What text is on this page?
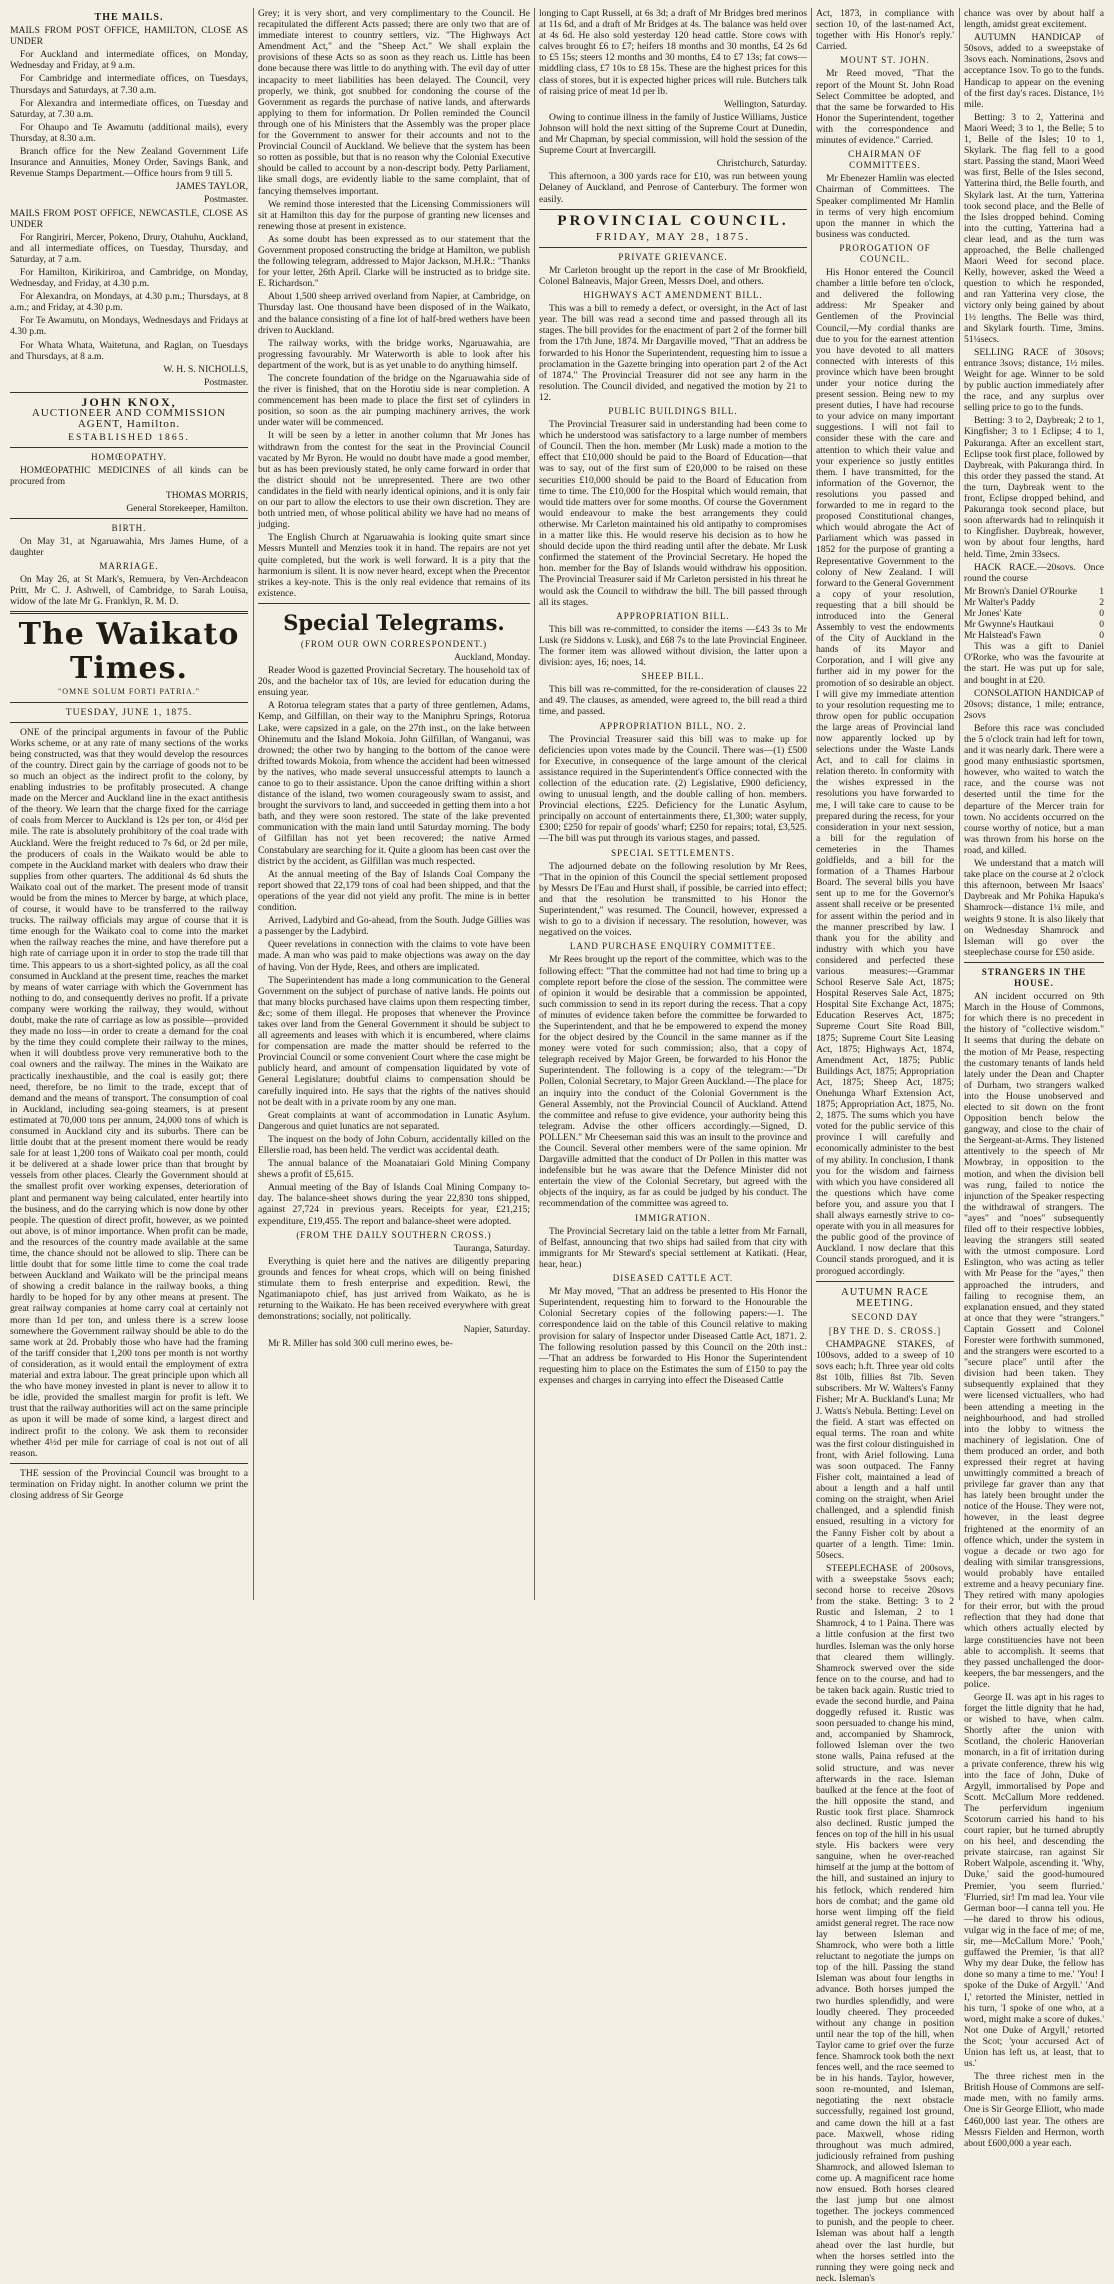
THE MAILS.

MAILS FROM POST OFFICE, HAMILTON, CLOSE AS UNDER

For Auckland and intermediate offices, on Monday, Wednesday and Friday, at 9 a.m.

For Cambridge and intermediate offices, on Tuesdays, Thursdays and Saturdays, at 7.30 a.m.

For Alexandra and intermediate offices, on Tuesday and Saturday, at 7.30 a.m.

For Ohaupo and Te Awamutu (additional mails), every Thursday, at 8.30 a.m.

Branch office for the New Zealand Government Life Insurance and Annuities, Money Order, Savings Bank, and Revenue Stamps Department.—Office hours from 9 till 5.

JAMES TAYLOR,

Postmaster.

MAILS FROM POST OFFICE, NEWCASTLE, CLOSE AS UNDER

For Rangiriri, Mercer, Pokeno, Drury, Otahuhu, Auckland, and all intermediate offices, on Tuesday, Thursday, and Saturday, at 7 a.m.

For Hamilton, Kirikiriroa, and Cambridge, on Monday, Wednesday, and Friday, at 4.30 p.m.

For Alexandra, on Mondays, at 4.30 p.m.; Thursdays, at 8 a.m.; and Friday, at 4.30 p.m.

For Te Awamutu, on Mondays, Wednesdays and Fridays at 4.30 p.m.

For Whata Whata, Waitetuna, and Raglan, on Tuesdays and Thursdays, at 8 a.m.

W. H. S. NICHOLLS,

Postmaster.

JOHN KNOX,

AUCTIONEER AND COMMISSION AGENT, Hamilton.

ESTABLISHED 1865.

HOMŒOPATHY.

HOMŒOPATHIC MEDICINES of all kinds can be procured from

THOMAS MORRIS,

General Storekeeper, Hamilton.

BIRTH.

On May 31, at Ngaruawahia, Mrs James Hume, of a daughter

MARRIAGE.

On May 26, at St Mark's, Remuera, by Ven-Archdeacon Pritt, Mr C. J. Ashwell, of Cambridge, to Sarah Louisa, widow of the late Mr G. Franklyn, R. M. D.

The Waikato Times.
"OMNE SOLUM FORTI PATRIA."
TUESDAY, JUNE 1, 1875.

ONE of the principal arguments in favour of the Public Works scheme, or at any rate of many sections of the works being constructed, was that they would develop the resources of the country. Direct gain by the carriage of goods not to be so much an object as the indirect profit to the colony, by enabling industries to be profitably prosecuted. A change made on the Mercer and Auckland line in the exact antithesis of the theory. We learn that the charge fixed for the carriage of coals from Mercer to Auckland is 12s per ton, or 4½d per mile. The rate is absolutely prohibitory of the coal trade with Auckland. Were the freight reduced to 7s 6d, or 2d per mile, the producers of coals in the Waikato would be able to compete in the Auckland market with dealers who draw their supplies from other quarters. The additional 4s 6d shuts the Waikato coal out of the market. The present mode of transit would be from the mines to Mercer by barge, at which place, of course, it would have to be transferred to the railway trucks. The railway officials may argue of course that it is time enough for the Waikato coal to come into the market when the railway reaches the mine, and have therefore put a high rate of carriage upon it in order to stop the trade till that time. This appears to us a short-sighted policy, as all the coal consumed in Auckland at the present time, reaches the market by means of water carriage with which the Government has nothing to do, and consequently derives no profit. If a private company were working the railway, they would, without doubt, make the rate of carriage as low as possible—provided they made no loss—in order to create a demand for the coal by the time they could complete their railway to the mines, when it will doubtless prove very remunerative both to the coal owners and the railway. The mines in the Waikato are practically inexhaustible, and the coal is easily got; there need, therefore, be no limit to the trade, except that of demand and the means of transport. The consumption of coal in Auckland, including sea-going steamers, is at present estimated at 70,000 tons per annum, 24,000 tons of which is consumed in Auckland city and its suburbs. There can be little doubt that at the present moment there would be ready sale for at least 1,200 tons of Waikato coal per month, could it be delivered at a shade lower price than that brought by vessels from other places. Clearly the Government should at the smallest profit over working expenses, deterioration of plant and permanent way being calculated, enter heartily into the business, and do the carrying which is now done by other people. The question of direct profit, however, as we pointed out above, is of minor importance. When profit can be made, and the resources of the country made available at the same time, the chance should not be allowed to slip. There can be little doubt that for some little time to come the coal trade between Auckland and Waikato will be the principal means of showing a credit balance in the railway books, a thing hardly to be hoped for by any other means at present. The great railway companies at home carry coal at certainly not more than 1d per ton, and unless there is a screw loose somewhere the Government railway should be able to do the same work at 2d. Probably those who have had the framing of the tariff consider that 1,200 tons per month is not worthy of consideration, as it would entail the employment of extra material and extra labour. The great principle upon which all the who have money invested in plant is never to allow it to be idle, provided the smallest margin for profit is left. We trust that the railway authorities will act on the same principle as upon it will be made of some kind, a largest direct and indirect profit to the colony. We ask them to reconsider whether 4½d per mile for carriage of coal is not out of all reason.

THE session of the Provincial Council was brought to a termination on Friday night. In another column we print the closing address of Sir George

Grey; it is very short, and very complimentary to the Council. He recapitulated the different Acts passed; there are only two that are of immediate interest to country settlers, viz. "The Highways Act Amendment Act," and the "Sheep Act." We shall explain the provisions of these Acts so as soon as they reach us. Little has been done because there was little to do anything with. The evil day of utter incapacity to meet liabilities has been delayed. The Council, very properly, we think, got snubbed for condoning the course of the Government as regards the purchase of native lands, and afterwards applying to them for information. Dr Pollen reminded the Council through one of his Ministers that the Assembly was the proper place for the Government to answer for their accounts and not to the Provincial Council of Auckland. We believe that the system has been so rotten as possible, but that is no reason why the Colonial Executive should be called to account by a non-descript body. Petty Parliament, like small dogs, are evidently liable to the same complaint, that of fancying themselves important.

We remind those interested that the Licensing Commissioners will sit at Hamilton this day for the purpose of granting new licenses and renewing those at present in existence.

As some doubt has been expressed as to our statement that the Government proposed constructing the bridge at Hamilton, we publish the following telegram, addressed to Major Jackson, M.H.R.: "Thanks for your letter, 26th April. Clarke will be instructed as to bridge site. E. Richardson."

About 1,500 sheep arrived overland from Napier, at Cambridge, on Thursday last. One thousand have been disposed of in the Waikato, and the balance consisting of a fine lot of half-bred wethers have been driven to Auckland.

The railway works, with the bridge works, Ngaruawahia, are progressing favourably. Mr Waterworth is able to look after his department of the work, but is as yet unable to do anything himself.

The concrete foundation of the bridge on the Ngaruawahia side of the river is finished, that on the Horotiu side is near completion. A commencement has been made to place the first set of cylinders in position, so soon as the air pumping machinery arrives, the work under water will be commenced.

It will be seen by a letter in another column that Mr Jones has withdrawn from the contest for the seat in the Provincial Council vacated by Mr Byron. He would no doubt have made a good member, but as has been previously stated, he only came forward in order that the district should not be unrepresented. There are two other candidates in the field with nearly identical opinions, and it is only fair on our part to allow the electors to use their own discretion. They are both untried men, of whose political ability we have had no means of judging.

The English Church at Ngaruawahia is looking quite smart since Messrs Muntell and Menzies took it in hand. The repairs are not yet quite completed, but the work is well forward. It is a pity that the harmonium is silent. It is now never heard, except when the Precentor strikes a key-note. This is the only real evidence that remains of its existence.

Special Telegrams.
(FROM OUR OWN CORRESPONDENT.)

Auckland, Monday.

Reader Wood is gazetted Provincial Secretary. The household tax of 20s, and the bachelor tax of 10s, are levied for education during the ensuing year.

A Rotorua telegram states that a party of three gentlemen, Adams, Kemp, and Gilfillan, on their way to the Maniphru Springs, Rotorua Lake, were capsized in a gale, on the 27th inst., on the lake between Ohinemutu and the Island Mokoia. John Gilfillan, of Wanganui, was drowned; the other two by hanging to the bottom of the canoe were drifted towards Mokoia, from whence the accident had been witnessed by the natives, who made several unsuccessful attempts to launch a canoe to go to their assistance. Upon the canoe drifting within a short distance of the island, two women courageously swam to assist, and brought the survivors to land, and succeeded in getting them into a hot bath, and they were soon restored. The state of the lake prevented communication with the main land until Saturday morning. The body of Gilfillan has not yet been recovered; the native Armed Constabulary are searching for it. Quite a gloom has been cast over the district by the accident, as Gilfillan was much respected.

At the annual meeting of the Bay of Islands Coal Company the report showed that 22,179 tons of coal had been shipped, and that the operations of the year did not yield any profit. The mine is in better condition.

Arrived, Ladybird and Go-ahead, from the South. Judge Gillies was a passenger by the Ladybird.

Queer revelations in connection with the claims to vote have been made. A man who was paid to make objections was away on the day of having. Von der Hyde, Rees, and others are implicated.

The Superintendent has made a long communication to the General Government on the subject of purchase of native lands. He points out that many blocks purchased have claims upon them respecting timber, &c; some of them illegal. He proposes that whenever the Province takes over land from the General Government it should be subject to all agreements and leases with which it is encumbered, where claims for compensation are made the matter should be referred to the Provincial Council or some convenient Court where the case might be publicly heard, and amount of compensation liquidated by vote of General Legislature; doubtful claims to compensation should be carefully inquired into. He says that the rights of the natives should not be dealt with in a private room by any one man.

Great complaints at want of accommodation in Lunatic Asylum. Dangerous and quiet lunatics are not separated.

The inquest on the body of John Coburn, accidentally killed on the Ellerslie road, has been held. The verdict was accidental death.

The annual balance of the Moanataiari Gold Mining Company shews a profit of £5,615.

Annual meeting of the Bay of Islands Coal Mining Company to-day. The balance-sheet shows during the year 22,830 tons shipped, against 27,724 in previous years. Receipts for year, £21,215; expenditure, £19,455. The report and balance-sheet were adopted.

(FROM THE DAILY SOUTHERN CROSS.)

Tauranga, Saturday.

Everything is quiet here and the natives are diligently preparing grounds and fences for wheat crops, which will on being finished stimulate them to fresh enterprise and expedition. Rewi, the Ngatimaniapoto chief, has just arrived from Waikato, as he is returning to the Waikato. He has been received everywhere with great demonstrations; socially, not politically.

Napier, Saturday.

Mr R. Miller has sold 300 cull merino ewes, be-

longing to Capt Russell, at 6s 3d; a draft of Mr Bridges bred merinos at 11s 6d, and a draft of Mr Bridges at 4s. The balance was held over at 4s 6d. He also sold yesterday 120 head cattle. Store cows with calves brought £6 to £7; heifers 18 months and 30 months, £4 2s 6d to £5 15s; steers 12 months and 30 months, £4 to £7 13s; fat cows—middling class, £7 10s to £8 15s. These are the highest prices for this class of stores, but it is expected higher prices will rule. Butchers talk of raising price of meat 1d per lb.

Wellington, Saturday.

Owing to continue illness in the family of Justice Williams, Justice Johnson will hold the next sitting of the Supreme Court at Dunedin, and Mr Chapman, by special commission, will hold the session of the Supreme Court at Invercargill.

Christchurch, Saturday.

This afternoon, a 300 yards race for £10, was run between young Delaney of Auckland, and Penrose of Canterbury. The former won easily.

PROVINCIAL COUNCIL.
FRIDAY, MAY 28, 1875.
PRIVATE GRIEVANCE.

Mr Carleton brought up the report in the case of Mr Brookfield, Colonel Balneavis, Major Green, Messrs Doel, and others.

HIGHWAYS ACT AMENDMENT BILL.

This was a bill to remedy a defect, or oversight, in the Act of last year. The bill was read a second time and passed through all its stages. The bill provides for the enactment of part 2 of the former bill from the 17th June, 1874. Mr Dargaville moved, "That an address be forwarded to his Honor the Superintendent, requesting him to issue a proclamation in the Gazette bringing into operation part 2 of the Act of 1874." The Provincial Treasurer did not see any harm in the resolution. The Council divided, and negatived the motion by 21 to 12.

PUBLIC BUILDINGS BILL.

The Provincial Treasurer said in understanding had been come to which he understood was satisfactory to a large number of members of Council. Then the hon. member (Mr Lusk) made a motion to the effect that £10,000 should be paid to the Board of Education—that was to say, out of the first sum of £20,000 to be raised on these securities £10,000 should be paid to the Board of Education from time to time. The £10,000 for the Hospital which would remain, that would tide matters over for some months. Of course the Government would endeavour to make the best arrangements they could otherwise. Mr Carleton maintained his old antipathy to compromises in a matter like this. He would reserve his decision as to how he should decide upon the third reading until after the debate. Mr Lusk confirmed the statement of the Provincial Secretary. He hoped the hon. member for the Bay of Islands would withdraw his opposition. The Provincial Treasurer said if Mr Carleton persisted in his threat he would ask the Council to withdraw the bill. The bill passed through all its stages.

APPROPRIATION BILL.

This bill was re-committed, to consider the items —£43 3s to Mr Lusk (re Siddons v. Lusk), and £68 7s to the late Provincial Engineer. The former item was allowed without division, the latter upon a division: ayes, 16; noes, 14.

SHEEP BILL.

This bill was re-committed, for the re-consideration of clauses 22 and 49. The clauses, as amended, were agreed to, the bill read a third time, and passed.

APPROPRIATION BILL, NO. 2.

The Provincial Treasurer said this bill was to make up for deficiencies upon votes made by the Council. There was—(1) £500 for Executive, in consequence of the large amount of the clerical assistance required in the Superintendent's Office connected with the collection of the education rate. (2) Legislative, £900 deficiency, owing to unusual length, and the double calling of hon. members. Provincial elections, £225. Deficiency for the Lunatic Asylum, principally on account of entertainments there, £1,300; water supply, £300; £250 for repair of goods' wharf; £250 for repairs; total, £3,525.—The bill was put through its various stages, and passed.

SPECIAL SETTLEMENTS.

The adjourned debate on the following resolution by Mr Rees, "That in the opinion of this Council the special settlement proposed by Messrs De l'Eau and Hurst shall, if possible, be carried into effect; and that the resolution be transmitted to his Honor the Superintendent," was resumed. The Council, however, expressed a wish to go to a division if necessary. The resolution, however, was negatived on the voices.

LAND PURCHASE ENQUIRY COMMITTEE.

Mr Rees brought up the report of the committee, which was to the following effect: "That the committee had not had time to bring up a complete report before the close of the session. The committee were of opinion it would be desirable that a commission be appointed, such commission to send in its report during the recess. That a copy of minutes of evidence taken before the committee be forwarded to the Superintendent, and that he be empowered to expend the money for the object desired by the Council in the same manner as if the money were voted for such commission; also, that a copy of telegraph received by Major Green, be forwarded to his Honor the Superintendent. The following is a copy of the telegram:—"Dr Pollen, Colonial Secretary, to Major Green Auckland.—The place for an inquiry into the conduct of the Colonial Government is the General Assembly, not the Provincial Council of Auckland. Attend the committee and refuse to give evidence, your authority being this telegram. Advise the other officers accordingly.—Signed, D. POLLEN." Mr Cheeseman said this was an insult to the province and the Council. Several other members were of the same opinion. Mr Dargaville admitted that the conduct of Dr Pollen in this matter was indefensible but he was aware that the Defence Minister did not entertain the view of the Colonial Secretary, but agreed with the objects of the inquiry, as far as could be judged by his conduct. The recommendation of the committee was agreed to.

IMMIGRATION.

The Provincial Secretary laid on the table a letter from Mr Farnall, of Belfast, announcing that two ships had sailed from that city with immigrants for Mr Steward's special settlement at Katikati. (Hear, hear, hear.)

DISEASED CATTLE ACT.

Mr May moved, "That an address be presented to His Honor the Superintendent, requesting him to forward to the Honourable the Colonial Secretary copies of the following papers:—1. The correspondence laid on the table of this Council relative to making provision for salary of Inspector under Diseased Cattle Act, 1871. 2. The following resolution passed by this Council on the 20th inst.:—'That an address be forwarded to His Honor the Superintendent requesting him to place on the Estimates the sum of £150 to pay the expenses and charges in carrying into effect the Diseased Cattle

Act, 1873, in compliance with section 10, of the last-named Act, together with His Honor's reply.' Carried.

MOUNT ST. JOHN.

Mr Reed moved, "That the report of the Mount St. John Road Select Committee be adopted, and that the same be forwarded to His Honor the Superintendent, together with the correspondence and minutes of evidence." Carried.

CHAIRMAN OF COMMITTEES.

Mr Ebenezer Hamlin was elected Chairman of Committees. The Speaker complimented Mr Hamlin in terms of very high encomium upon the manner in which the business was conducted.

PROROGATION OF COUNCIL.

His Honor entered the Council chamber a little before ten o'clock, and delivered the following address: Mr Speaker and Gentlemen of the Provincial Council,—My cordial thanks are due to you for the earnest attention you have devoted to all matters connected with interests of this province which have been brought under your notice during the present session. Being new to my present duties, I have had recourse to your advice on many important suggestions. I will not fail to consider these with the care and attention to which their value and your experience so justly entitles them. I have transmitted, for the information of the Governor, the resolutions you passed and forwarded to me in regard to the proposed Constitutional changes, which would abrogate the Act of Parliament which was passed in 1852 for the purpose of granting a Representative Government to the colony of New Zealand. I will forward to the General Government a copy of your resolution, requesting that a bill should be introduced into the General Assembly to vest the endowments of the City of Auckland in the hands of its Mayor and Corporation, and I will give any further aid in my power for the promotion of so desirable an object. I will give my immediate attention to your resolution requesting me to throw open for public occupation the large areas of Provincial land now apparently locked up by selections under the Waste Lands Act, and to call for claims in relation thereto. In conformity with the wishes expressed in the resolutions you have forwarded to me, I will take care to cause to be prepared during the recess, for your consideration in your next session, a bill for the regulation of cemeteries in the Thames goldfields, and a bill for the formation of a Thames Harbour Board. The several bills you have sent up to me for the Governor's assent shall receive or be presented for assent within the period and in the manner prescribed by law. I thank you for the ability and industry with which you have considered and perfected these various measures:—Grammar School Reserve Sale Act, 1875; Hospital Reserves Sale Act, 1875; Hospital Site Exchange Act, 1875; Education Reserves Act, 1875; Supreme Court Site Road Bill, 1875; Supreme Court Site Leasing Act, 1875; Highways Act, 1874, Amendment Act, 1875; Public Buildings Act, 1875; Appropriation Act, 1875; Sheep Act, 1875; Onehunga Wharf Extension Act, 1875; Appropriation Act, 1875, No. 2, 1875. The sums which you have voted for the public service of this province I will carefully and economically administer to the best of my ability. In conclusion, I thank you for the wisdom and fairness with which you have considered all the questions which have come before you, and assure you that I shall always earnestly strive to co-operate with you in all measures for the public good of the province of Auckland. I now declare that this Council stands prorogued, and it is prorogued accordingly.

AUTUMN RACE MEETING.
SECOND DAY
[BY THE D. S. CROSS.]

CHAMPAGNE STAKES, of 100sovs, added to a sweep of 10 sovs each; h.ft. Three year old colts 8st 10lb, fillies 8st 7lb. Seven subscribers. Mr W. Walters's Fanny Fisher; Mr A. Buckland's Luna; Mr J. Watts's Nebula. Betting: Level on the field. A start was effected on equal terms. The roan and white was the first colour distinguished in front, with Ariel following. Luna was soon outpaced. The Fanny Fisher colt, maintained a lead of about a length and a half until coming on the straight, when Ariel challenged, and a splendid finish ensued, resulting in a victory for the Fanny Fisher colt by about a quarter of a length. Time: 1min. 50secs.

STEEPLECHASE of 200sovs, with a sweepstake 5sovs each; second horse to receive 20sovs from the stake. Betting: 3 to 2 Rustic and Isleman, 2 to 1 Shamrock, 4 to 1 Paina. There was a little confusion at the first two hurdles. Isleman was the only horse that cleared them willingly. Shamrock swerved over the side fence on to the course, and had to be taken back again. Rustic tried to evade the second hurdle, and Paina doggedly refused it. Rustic was soon persuaded to change his mind, and, accompanied by Shamrock, followed Isleman over the two stone walls, Paina refused at the solid structure, and was never afterwards in the race. Isleman baulked at the fence at the foot of the hill opposite the stand, and Rustic took first place. Shamrock also declined. Rustic jumped the fences on top of the hill in his usual style. His backers were very sanguine, when he over-reached himself at the jump at the bottom of the hill, and sustained an injury to his fetlock, which rendered him hors de combat; and the game old horse went limping off the field amidst general regret. The race now lay between Isleman and Shamrock, who were both a little reluctant to negotiate the jumps on top of the hill. Passing the stand Isleman was about four lengths in advance. Both horses jumped the two hurdles splendidly, and were loudly cheered. They proceeded without any change in position until near the top of the hill, when Taylor came to grief over the furze fence. Shamrock took both the next fences well, and the race seemed to be in his hands. Taylor, however, soon re-mounted, and Isleman, negotiating the next obstacle successfully, regained lost ground, and came down the hill at a fast pace. Maxwell, whose riding throughout was much admired, judiciously refrained from pushing Shamrock, and allowed Isleman to come up. A magnificent race home now ensued. Both horses cleared the last jump but one almost together. The jockeys commenced to punish, and the people to cheer. Isleman was about half a length ahead over the last hurdle, but when the horses settled into the running they were going neck and neck. Isleman's

chance was over by about half a length, amidst great excitement.

AUTUMN HANDICAP of 50sovs, added to a sweepstake of 3sovs each. Nominations, 2sovs and acceptance 1sov. To go to the funds. Handicap to appear on the evening of the first day's races. Distance, 1½ mile.

Betting: 3 to 2, Yatterina and Maori Weed; 3 to 1, the Belle; 5 to 1, Belle of the Isles; 10 to 1, Skylark. The flag fell to a good start. Passing the stand, Maori Weed was first, Belle of the Isles second, Yatterina third, the Belle fourth, and Skylark last. At the turn, Yatterina took second place, and the Belle of the Isles dropped behind. Coming into the cutting, Yatterina had a clear lead, and as the turn was approached, the Belle challenged Maori Weed for second place. Kelly, however, asked the Weed a question to which he responded, and ran Yatterina very close, the victory only being gained by about 1½ lengths. The Belle was third, and Skylark fourth. Time, 3mins. 51¼secs.

SELLING RACE of 30sovs; entrance 3sovs; distance, 1½ miles. Weight for age. Winner to be sold by public auction immediately after the race, and any surplus over selling price to go to the funds.

Betting: 3 to 2, Daybreak; 2 to 1, Kingfisher; 3 to 1 Eclipse; 4 to 1, Pakuranga. After an excellent start, Eclipse took first place, followed by Daybreak, with Pakuranga third. In this order they passed the stand. At the turn, Daybreak went to the front, Eclipse dropped behind, and Pakuranga took second place, but soon afterwards had to relinquish it to Kingfisher. Daybreak, however, won by about four lengths, hard held. Time, 2min 33secs.

HACK RACE.—20sovs. Once round the course

Mr Brown's Daniel O'Rourke 1
Mr Walter's Paddy	2
Mr Jones' Kate	0
Mr Gwynne's Hautkaui	0
Mr Halstead's Fawn	0

This was a gift to Daniel O'Rorke, who was the favourite at the start. He was put up for sale, and bought in at £20.

CONSOLATION HANDICAP of 20sovs; distance, 1 mile; entrance, 2sovs

Before this race was concluded the 5 o'clock train had left for town, and it was nearly dark. There were a good many enthusiastic sportsmen, however, who waited to watch the race, and the course was not deserted until the time for the departure of the Mercer train for town. No accidents occurred on the course worthy of notice, but a man was thrown from his horse on the road, and killed.

We understand that a match will take place on the course at 2 o'clock this afternoon, between Mr Isaacs' Daybreak and Mr Pohika Hapuka's Shamrock—distance 1¼ mile, and weights 9 stone. It is also likely that on Wednesday Shamrock and Isleman will go over the steeplechase course for £50 aside.

STRANGERS IN THE HOUSE.

AN incident occurred on 9th March in the House of Commons, for which there is no precedent in the history of "collective wisdom." It seems that during the debate on the motion of Mr Pease, respecting the customary tenants of lands held lately under the Dean and Chapter of Durham, two strangers walked into the House unobserved and elected to sit down on the front Opposition bench below the gangway, and close to the chair of the Sergeant-at-Arms. They listened attentively to the speech of Mr Mowbray, in opposition to the motion, and when the division bell was rung, failed to notice the injunction of the Speaker respecting the withdrawal of strangers. The "ayes" and "noes" subsequently filed off to their respective lobbies, leaving the strangers still seated with the utmost composure. Lord Eslington, who was acting as teller with Mr Pease for the "ayes," then approached the intruders, and failing to recognise them, an explanation ensued, and they stated at once that they were "strangers." Captain Gossett and Colonel Forester were forthwith summoned, and the strangers were escorted to a "secure place" until after the division had been taken. They subsequently explained that they were licensed victuallers, who had been attending a meeting in the neighbourhood, and had strolled into the lobby to witness the machinery of legislation. One of them produced an order, and both expressed their regret at having unwittingly committed a breach of privilege far graver than any that has lately been brought under the notice of the House. They were not, however, in the least degree frightened at the enormity of an offence which, under the system in vogue a decade or two ago for dealing with similar transgressions, would probably have entailed extreme and a heavy pecuniary fine. They retired with many apologies for their error, but with the proud reflection that they had done that which others actually elected by large constituencies have not been able to accomplish. It seems that they passed unchallenged the door-keepers, the bar messengers, and the police.

George II. was apt in his rages to forget the little dignity that he had, or wished to have, when calm. Shortly after the union with Scotland, the choleric Hanoverian monarch, in a fit of irritation during a private conference, threw his wig into the face of John, Duke of Argyll, immortalised by Pope and Scott. McCallum More reddened. The perfervidum ingenium Scotorum carried his hand to his court rapier, but he turned abruptly on his heel, and descending the private staircase, ran against Sir Robert Walpole, ascending it. 'Why, Duke,' said the good-humoured Premier, 'you seem flurried.' 'Flurried, sir! I'm mad lea. Your vile German boor—I canna tell you. He—he dared to throw his odious, vulgar wig in the face of me; of me, sir, me—McCallum More.' 'Pooh,' guffawed the Premier, 'is that all? Why my dear Duke, the fellow has done so many a time to me.' 'You! I spoke of the Duke of Argyll.' 'And I,' retorted the Minister, nettled in his turn, 'I spoke of one who, at a word, might make a score of dukes.' Not one Duke of Argyll,' retorted the Scot; 'your accursed Act of Union has left us, at least, that to us.'

The three richest men in the British House of Commons are self-made men, with no family arms. One is Sir George Elliott, who made £460,000 last year. The others are Messrs Fielden and Hermon, worth about £600,000 a year each.
